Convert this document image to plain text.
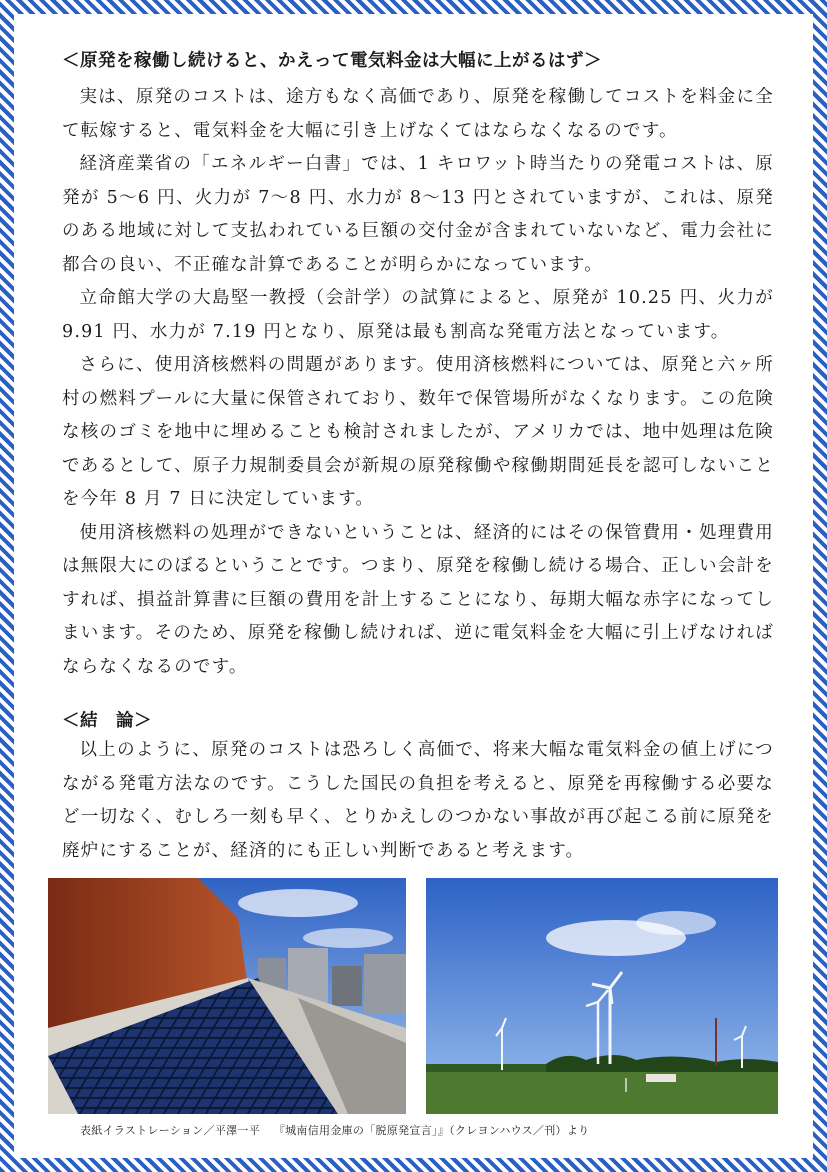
＜原発を稼働し続けると、かえって電気料金は大幅に上がるはず＞

実は、原発のコストは、途方もなく高価であり、原発を稼働してコストを料金に全て転嫁すると、電気料金を大幅に引き上げなくてはならなくなるのです。

経済産業省の「エネルギー白書」では、1 キロワット時当たりの発電コストは、原発が 5〜6 円、火力が 7〜8 円、水力が 8〜13 円とされていますが、これは、原発のある地域に対して支払われている巨額の交付金が含まれていないなど、電力会社に都合の良い、不正確な計算であることが明らかになっています。

立命館大学の大島堅一教授（会計学）の試算によると、原発が 10.25 円、火力が 9.91 円、水力が 7.19 円となり、原発は最も割高な発電方法となっています。

さらに、使用済核燃料の問題があります。使用済核燃料については、原発と六ヶ所村の燃料プールに大量に保管されており、数年で保管場所がなくなります。この危険な核のゴミを地中に埋めることも検討されましたが、アメリカでは、地中処理は危険であるとして、原子力規制委員会が新規の原発稼働や稼働期間延長を認可しないことを今年 8 月 7 日に決定しています。

使用済核燃料の処理ができないということは、経済的にはその保管費用・処理費用は無限大にのぼるということです。つまり、原発を稼働し続ける場合、正しい会計をすれば、損益計算書に巨額の費用を計上することになり、毎期大幅な赤字になってしまいます。そのため、原発を稼働し続ければ、逆に電気料金を大幅に引上げなければならなくなるのです。

＜結　論＞

以上のように、原発のコストは恐ろしく高価で、将来大幅な電気料金の値上げにつながる発電方法なのです。こうした国民の負担を考えると、原発を再稼働する必要など一切なく、むしろ一刻も早く、とりかえしのつかない事故が再び起こる前に原発を廃炉にすることが、経済的にも正しい判断であると考えます。

表紙イラストレーション／平澤一平 『城南信用金庫の「脱原発宣言」』（クレヨンハウス／刊）より
